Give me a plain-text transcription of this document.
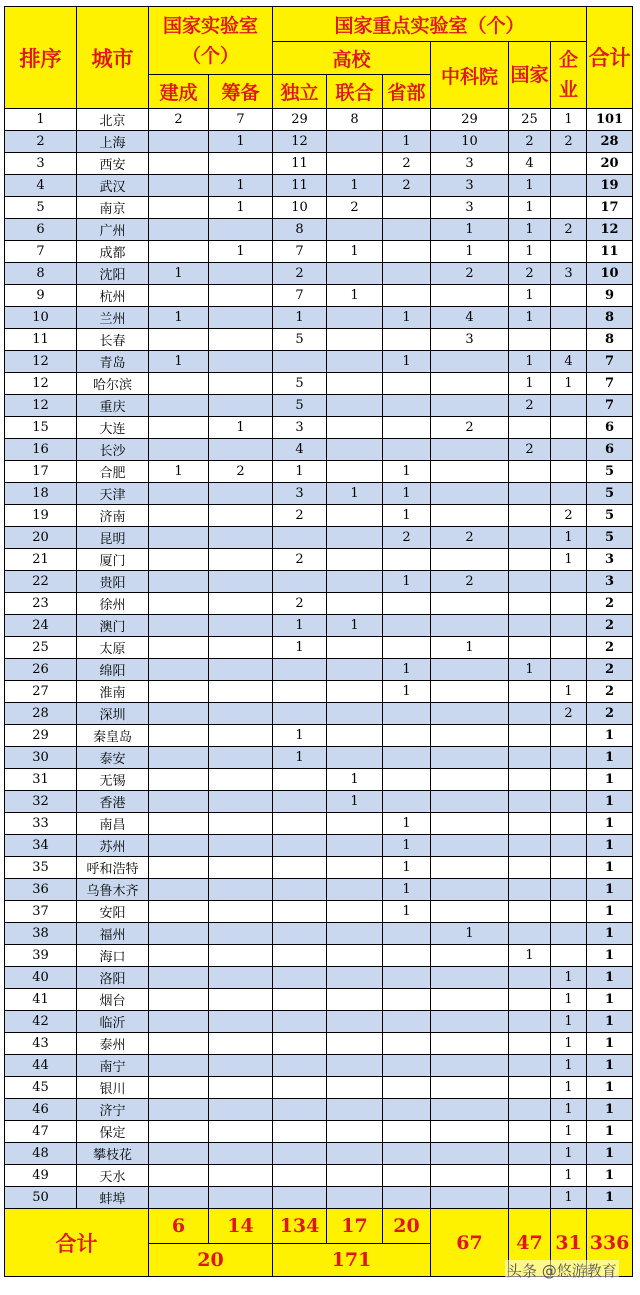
排序	城市	国家实验室（个）		国家重点实验室（个）						合计
				高校			中科院	国家	企业	
		建成	筹备	独立	联合	省部				
1	北京	2	7	29	8		29	25	1	101
2	上海		1	12		1	10	2	2	28
3	西安			11		2	3	4		20
4	武汉		1	11	1	2	3	1		19
5	南京		1	10	2		3	1		17
6	广州			8			1	1	2	12
7	成都		1	7	1		1	1		11
8	沈阳	1		2			2	2	3	10
9	杭州			7	1			1		9
10	兰州	1		1		1	4	1		8
11	长春			5			3			8
12	青岛	1				1		1	4	7
12	哈尔滨			5				1	1	7
12	重庆			5				2		7
15	大连		1	3			2			6
16	长沙			4				2		6
17	合肥	1	2	1		1				5
18	天津			3	1	1				5
19	济南			2		1			2	5
20	昆明					2	2		1	5
21	厦门			2					1	3
22	贵阳					1	2			3
23	徐州			2						2
24	澳门			1	1					2
25	太原			1			1			2
26	绵阳					1		1		2
27	淮南					1			1	2
28	深圳								2	2
29	秦皇岛			1						1
30	泰安			1						1
31	无锡				1					1
32	香港				1					1
33	南昌					1				1
34	苏州					1				1
35	呼和浩特					1				1
36	乌鲁木齐					1				1
37	安阳					1				1
38	福州						1			1
39	海口							1		1
40	洛阳								1	1
41	烟台								1	1
42	临沂								1	1
43	泰州								1	1
44	南宁								1	1
45	银川								1	1
46	济宁								1	1
47	保定								1	1
48	攀枝花								1	1
49	天水								1	1
50	蚌埠								1	1
合计		6	14	134	17	20	67	47	31	336
		20		171							头条 @悠游教育
